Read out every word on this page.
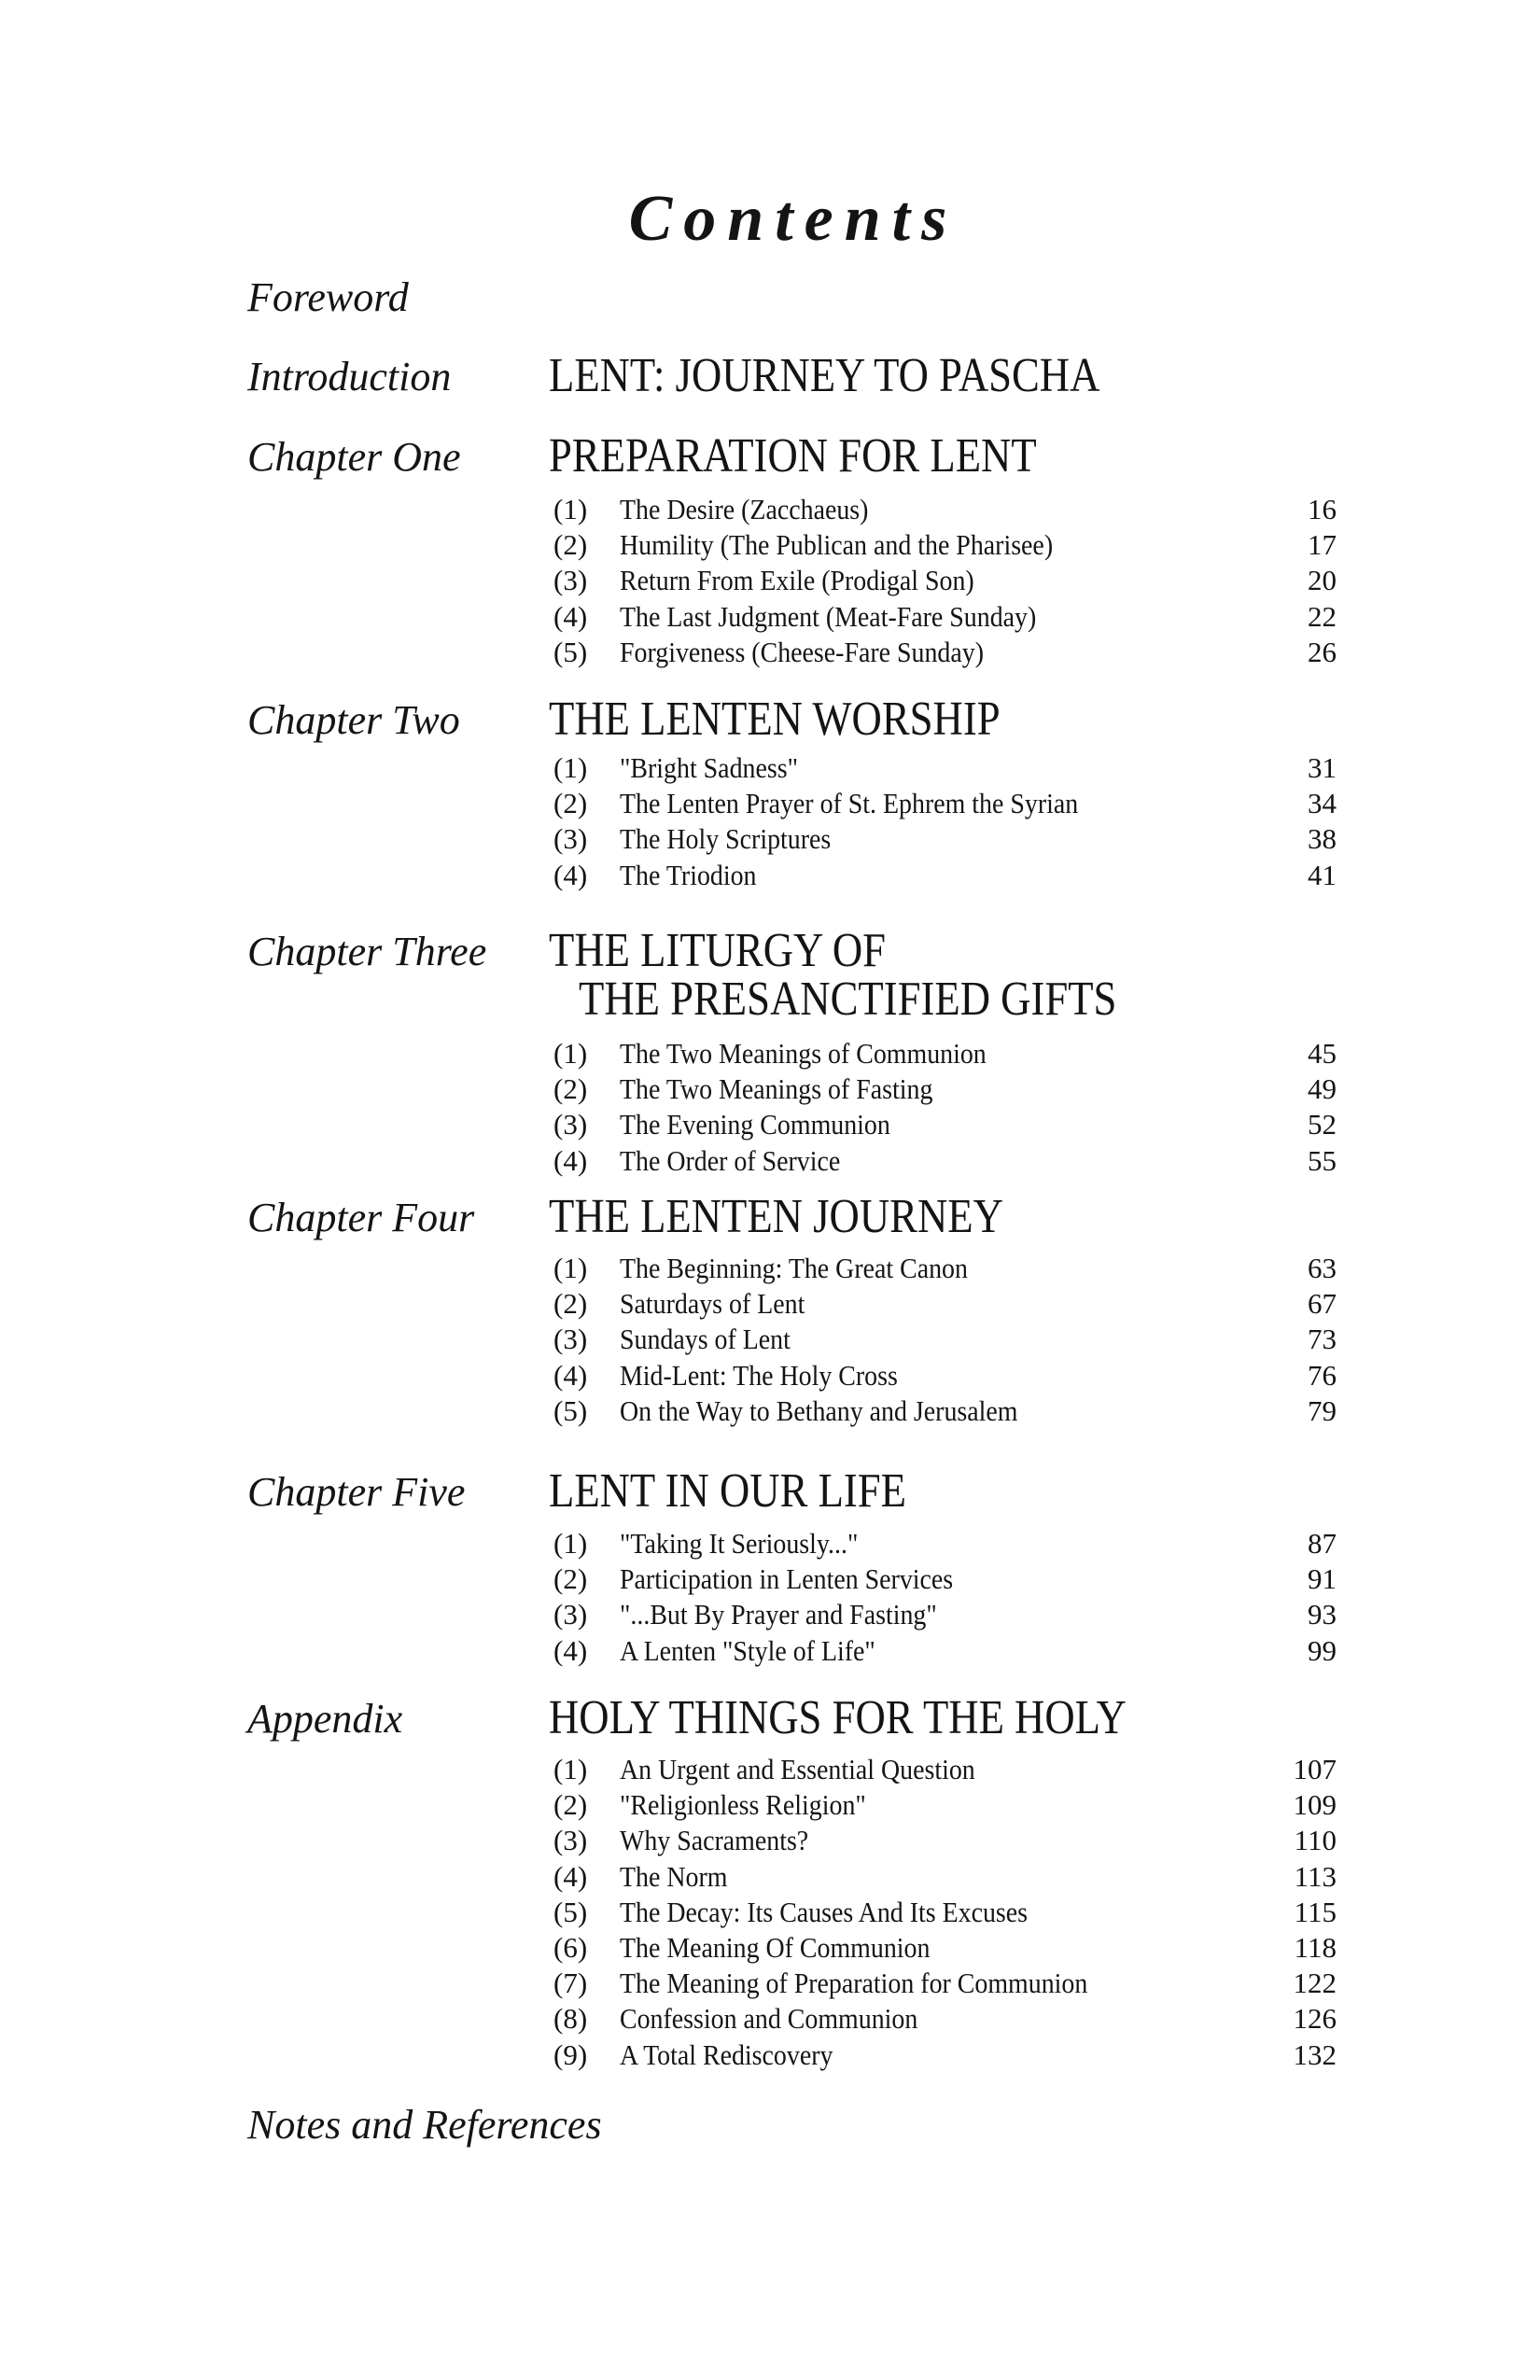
Contents
Foreword
Introduction LENT: JOURNEY TO PASCHA
Chapter One PREPARATION FOR LENT
(1) The Desire (Zacchaeus)	16
(2) Humility (The Publican and the Pharisee)	17
(3) Return From Exile (Prodigal Son)	20
(4) The Last Judgment (Meat-Fare Sunday)	22
(5) Forgiveness (Cheese-Fare Sunday)	26
Chapter Two THE LENTEN WORSHIP
(1) "Bright Sadness"	31
(2) The Lenten Prayer of St. Ephrem the Syrian	34
(3) The Holy Scriptures	38
(4) The Triodion	41
Chapter Three THE LITURGY OF
THE PRESANCTIFIED GIFTS
(1) The Two Meanings of Communion	45
(2) The Two Meanings of Fasting	49
(3) The Evening Communion	52
(4) The Order of Service	55
Chapter Four THE LENTEN JOURNEY
(1) The Beginning: The Great Canon	63
(2) Saturdays of Lent	67
(3) Sundays of Lent	73
(4) Mid-Lent: The Holy Cross	76
(5) On the Way to Bethany and Jerusalem	79
Chapter Five LENT IN OUR LIFE
(1) "Taking It Seriously..."	87
(2) Participation in Lenten Services	91
(3) "...But By Prayer and Fasting"	93
(4) A Lenten "Style of Life"	99
Appendix	HOLY THINGS FOR THE HOLY
(1) An Urgent and Essential Question	107
(2) "Religionless Religion"	109
(3) Why Sacraments?	110
(4) The Norm	113
(5) The Decay: Its Causes And Its Excuses	115
(6) The Meaning Of Communion	118
(7) The Meaning of Preparation for Communion	122
(8) Confession and Communion	126
(9) A Total Rediscovery	132
Notes and References
